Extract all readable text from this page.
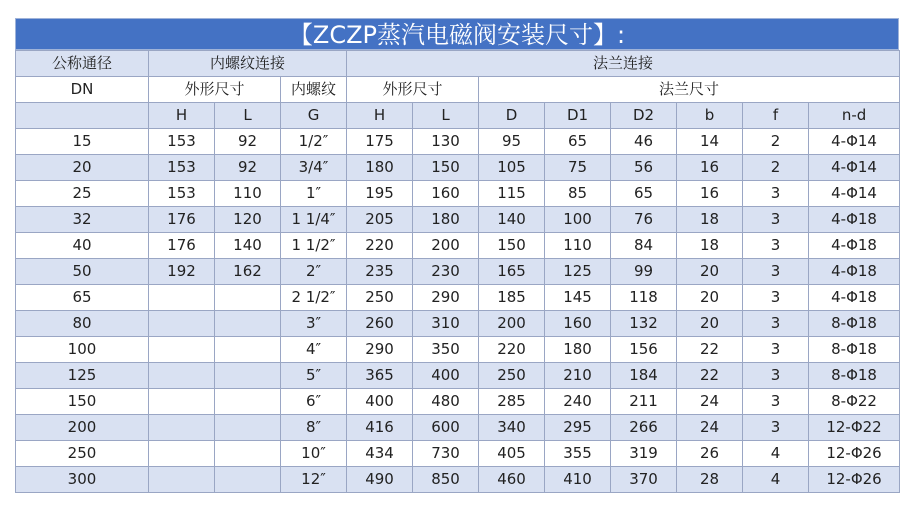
【ZCZP蒸汽电磁阀安装尺寸】:
公称通径	内螺纹连接			法兰连接							
DN	外形尺寸		内螺纹	外形尺寸		法兰尺寸					
	H	L	G	H	L	D	D1	D2	b	f	n-d
15	153	92	1/2″	175	130	95	65	46	14	2	4-Φ14
20	153	92	3/4″	180	150	105	75	56	16	2	4-Φ14
25	153	110	1″	195	160	115	85	65	16	3	4-Φ14
32	176	120	1 1/4″	205	180	140	100	76	18	3	4-Φ18
40	176	140	1 1/2″	220	200	150	110	84	18	3	4-Φ18
50	192	162	2″	235	230	165	125	99	20	3	4-Φ18
65			2 1/2″	250	290	185	145	118	20	3	4-Φ18
80			3″	260	310	200	160	132	20	3	8-Φ18
100			4″	290	350	220	180	156	22	3	8-Φ18
125			5″	365	400	250	210	184	22	3	8-Φ18
150			6″	400	480	285	240	211	24	3	8-Φ22
200			8″	416	600	340	295	266	24	3	12-Φ22
250			10″	434	730	405	355	319	26	4	12-Φ26
300			12″	490	850	460	410	370	28	4	12-Φ26
